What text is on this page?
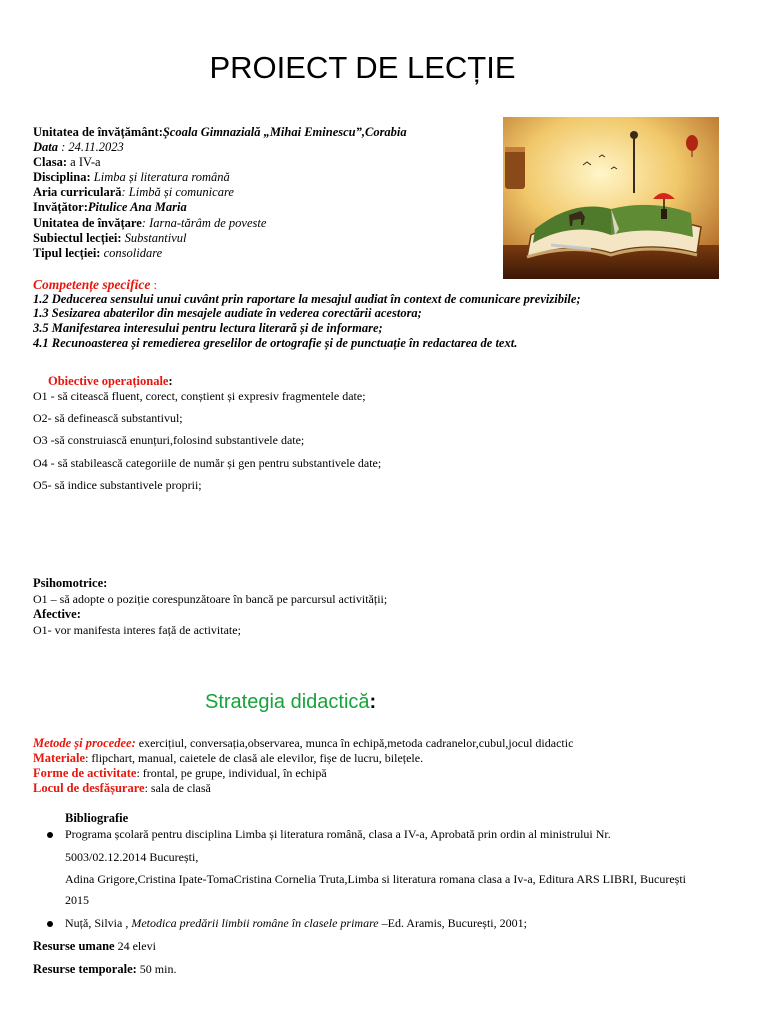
PROIECT DE LECȚIE
Unitatea de învățământ:Școala Gimnazială „Mihai Eminescu”,Corabia
Data : 24.11.2023
Clasa: a IV-a
Disciplina: Limba și literatura română
Aria curriculară: Limbă și comunicare
Invățător:Pitulice Ana Maria
Unitatea de învățare: Iarna-tărâm de poveste
Subiectul lecției: Substantivul
Tipul lecției: consolidare
Competențe specifice :
1.2 Deducerea sensului unui cuvânt prin raportare la mesajul audiat în context de comunicare previzibile;
1.3 Sesizarea abaterilor din mesajele audiate în vederea corectării acestora;
3.5 Manifestarea interesului pentru lectura literară și de informare;
4.1 Recunoasterea și remedierea greselilor de ortografie și de punctuație în redactarea de text.
Obiective operaționale:
O1 - să citească fluent, corect, conștient și expresiv fragmentele date;
O2- să definească substantivul;
O3 -să construiască enunțuri,folosind substantivele date;
O4 - să stabilească categoriile de număr și gen pentru substantivele date;
O5- să indice substantivele proprii;
Psihomotrice:
O1 – să adopte o poziție corespunzătoare în bancă pe parcursul activității;
Afective:
O1- vor manifesta interes față de activitate;
Strategia didactică:
Metode și procedee: exercițiul, conversația,observarea, munca în echipă,metoda cadranelor,cubul,jocul didactic
Materiale: flipchart, manual, caietele de clasă ale elevilor, fișe de lucru, bilețele.
Forme de activitate: frontal, pe grupe, individual, în echipă
Locul de desfășurare: sala de clasă
Bibliografie
Programa școlară pentru disciplina Limba și literatura română, clasa a IV-a, Aprobată prin ordin al ministrului Nr.
5003/02.12.2014 București,
Adina Grigore,Cristina Ipate-TomaCristina Cornelia Truta,Limba si literatura romana clasa a Iv-a, Editura ARS LIBRI, București
2015
Nuță, Silvia , Metodica predării limbii române în clasele primare –Ed. Aramis, București, 2001;
Resurse umane 24 elevi
Resurse temporale: 50 min.
